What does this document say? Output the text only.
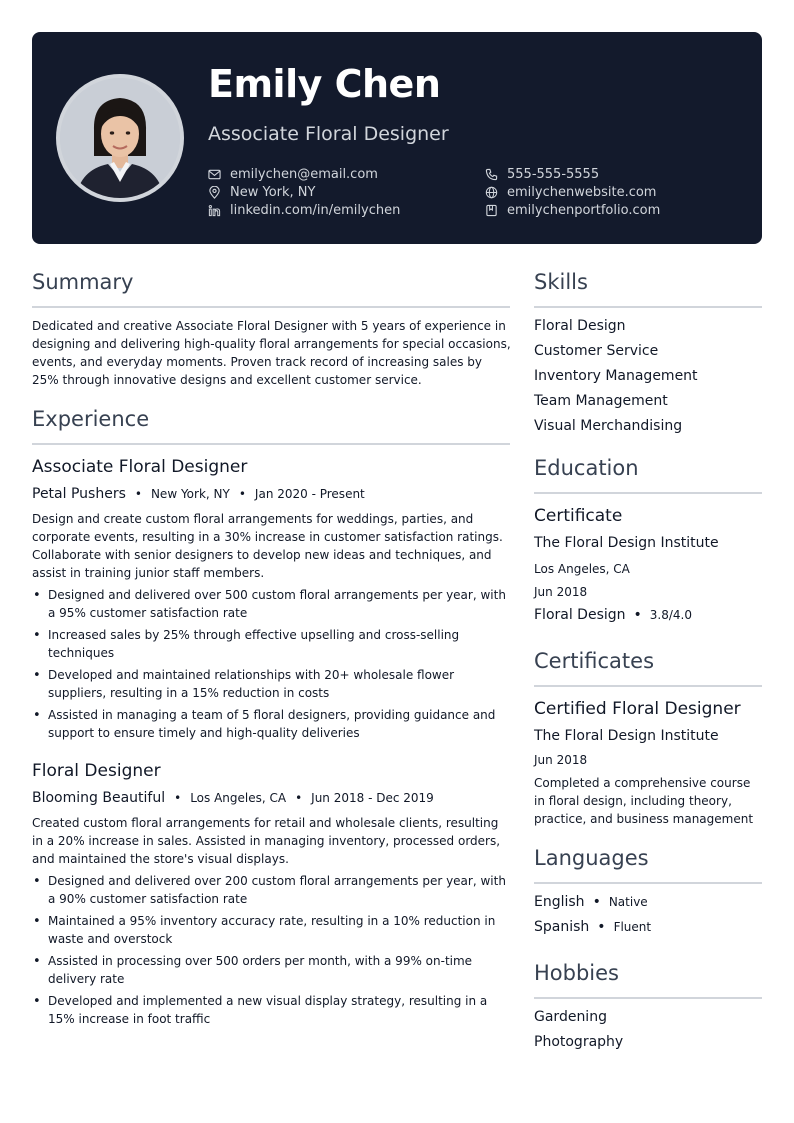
Emily Chen
Associate Floral Designer
emilychen@email.com
New York, NY
linkedin.com/in/emilychen
555-555-5555
emilychenwebsite.com
emilychenportfolio.com
Summary
Dedicated and creative Associate Floral Designer with 5 years of experience in designing and delivering high-quality floral arrangements for special occasions, events, and everyday moments. Proven track record of increasing sales by 25% through innovative designs and excellent customer service.
Experience
Associate Floral Designer
Petal Pushers • New York, NY • Jan 2020 - Present
Design and create custom floral arrangements for weddings, parties, and corporate events, resulting in a 30% increase in customer satisfaction ratings. Collaborate with senior designers to develop new ideas and techniques, and assist in training junior staff members.
• Designed and delivered over 500 custom floral arrangements per year, with a 95% customer satisfaction rate
• Increased sales by 25% through effective upselling and cross-selling techniques
• Developed and maintained relationships with 20+ wholesale flower suppliers, resulting in a 15% reduction in costs
• Assisted in managing a team of 5 floral designers, providing guidance and support to ensure timely and high-quality deliveries
Floral Designer
Blooming Beautiful • Los Angeles, CA • Jun 2018 - Dec 2019
Created custom floral arrangements for retail and wholesale clients, resulting in a 20% increase in sales. Assisted in managing inventory, processed orders, and maintained the store's visual displays.
• Designed and delivered over 200 custom floral arrangements per year, with a 90% customer satisfaction rate
• Maintained a 95% inventory accuracy rate, resulting in a 10% reduction in waste and overstock
• Assisted in processing over 500 orders per month, with a 99% on-time delivery rate
• Developed and implemented a new visual display strategy, resulting in a 15% increase in foot traffic
Skills
Floral Design
Customer Service
Inventory Management
Team Management
Visual Merchandising
Education
Certificate
The Floral Design Institute
Los Angeles, CA
Jun 2018
Floral Design • 3.8/4.0
Certificates
Certified Floral Designer
The Floral Design Institute
Jun 2018
Completed a comprehensive course in floral design, including theory, practice, and business management
Languages
English • Native
Spanish • Fluent
Hobbies
Gardening
Photography
